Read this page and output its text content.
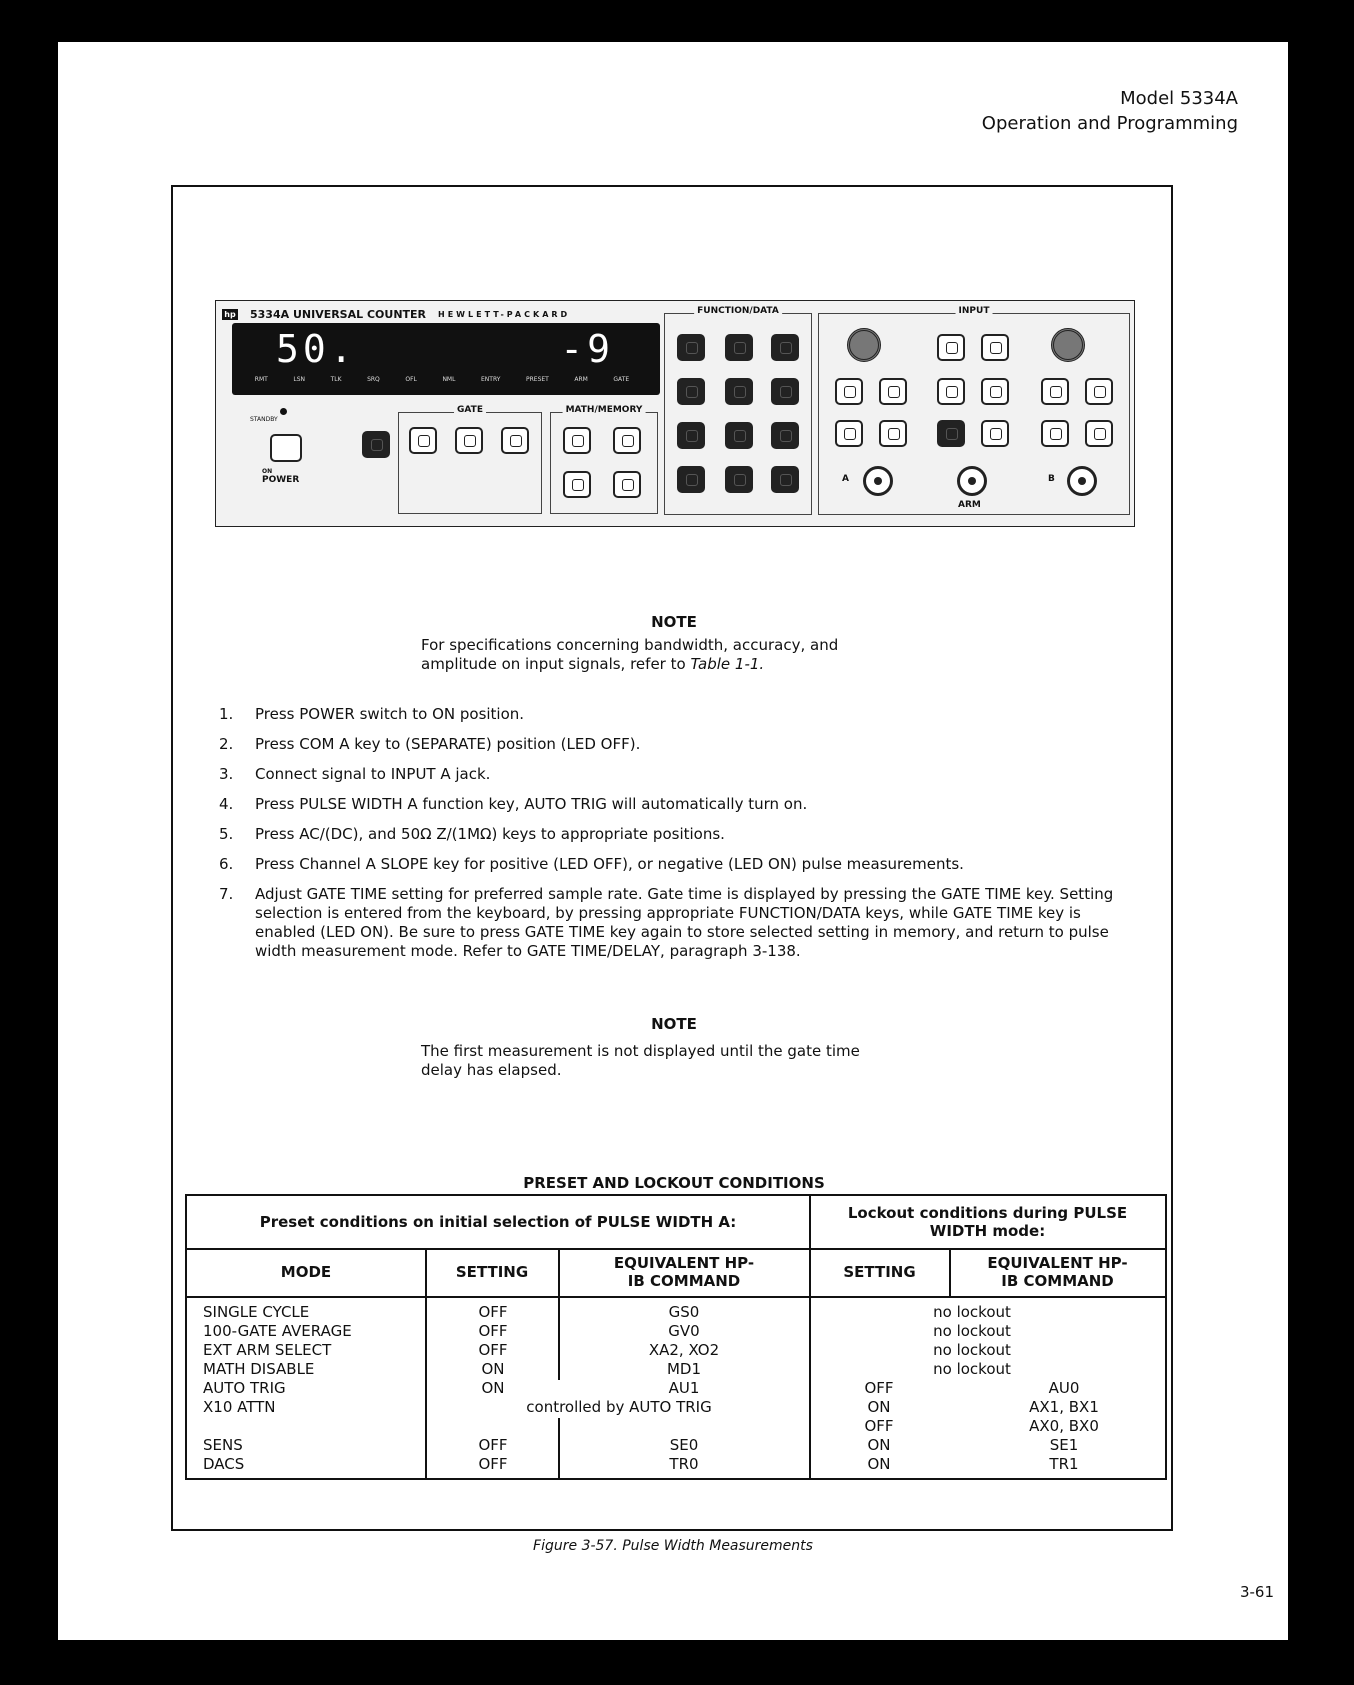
Model 5334A
Operation and Programming
hp 5334A UNIVERSAL COUNTER HEWLETT-PACKARD
50.	-9
RMT	LSN	TLK	SRQ	OFL	NML	ENTRY	PRESET	ARM	GATE
STANDBY
ON
POWER
GATE	MATH/MEMORY
FUNCTION/DATA	INPUT
A
ARM
B
NOTE
For specifications concerning bandwidth, accuracy, and amplitude on input signals, refer to Table 1-1.
1. Press POWER switch to ON position.
2. Press COM A key to (SEPARATE) position (LED OFF).
3. Connect signal to INPUT A jack.
4. Press PULSE WIDTH A function key, AUTO TRIG will automatically turn on.
5. Press AC/(DC), and 50Ω Z/(1MΩ) keys to appropriate positions.
6. Press Channel A SLOPE key for positive (LED OFF), or negative (LED ON) pulse measurements.
7. Adjust GATE TIME setting for preferred sample rate. Gate time is displayed by pressing the GATE TIME key. Setting selection is entered from the keyboard, by pressing appropriate FUNCTION/DATA keys, while GATE TIME key is enabled (LED ON). Be sure to press GATE TIME key again to store selected setting in memory, and return to pulse width measurement mode. Refer to GATE TIME/DELAY, paragraph 3-138.
NOTE
The first measurement is not displayed until the gate time delay has elapsed.
PRESET AND LOCKOUT CONDITIONS
Preset conditions on initial selection of PULSE WIDTH A:	Lockout conditions during PULSE WIDTH mode:
MODE	SETTING	EQUIVALENT HP-IB COMMAND	SETTING	EQUIVALENT HP-IB COMMAND
SINGLE CYCLE	OFF	GS0	no lockout
100-GATE AVERAGE	OFF	GV0	no lockout
EXT ARM SELECT	OFF	XA2, XO2	no lockout
MATH DISABLE	ON	MD1	no lockout
AUTO TRIG	ON	AU1	OFF	AU0
X10 ATTN	controlled by AUTO TRIG	ON	AX1, BX1
OFF	AX0, BX0
SENS	OFF	SE0	ON	SE1
DACS	OFF	TR0	ON	TR1
Figure 3-57. Pulse Width Measurements
3-61
